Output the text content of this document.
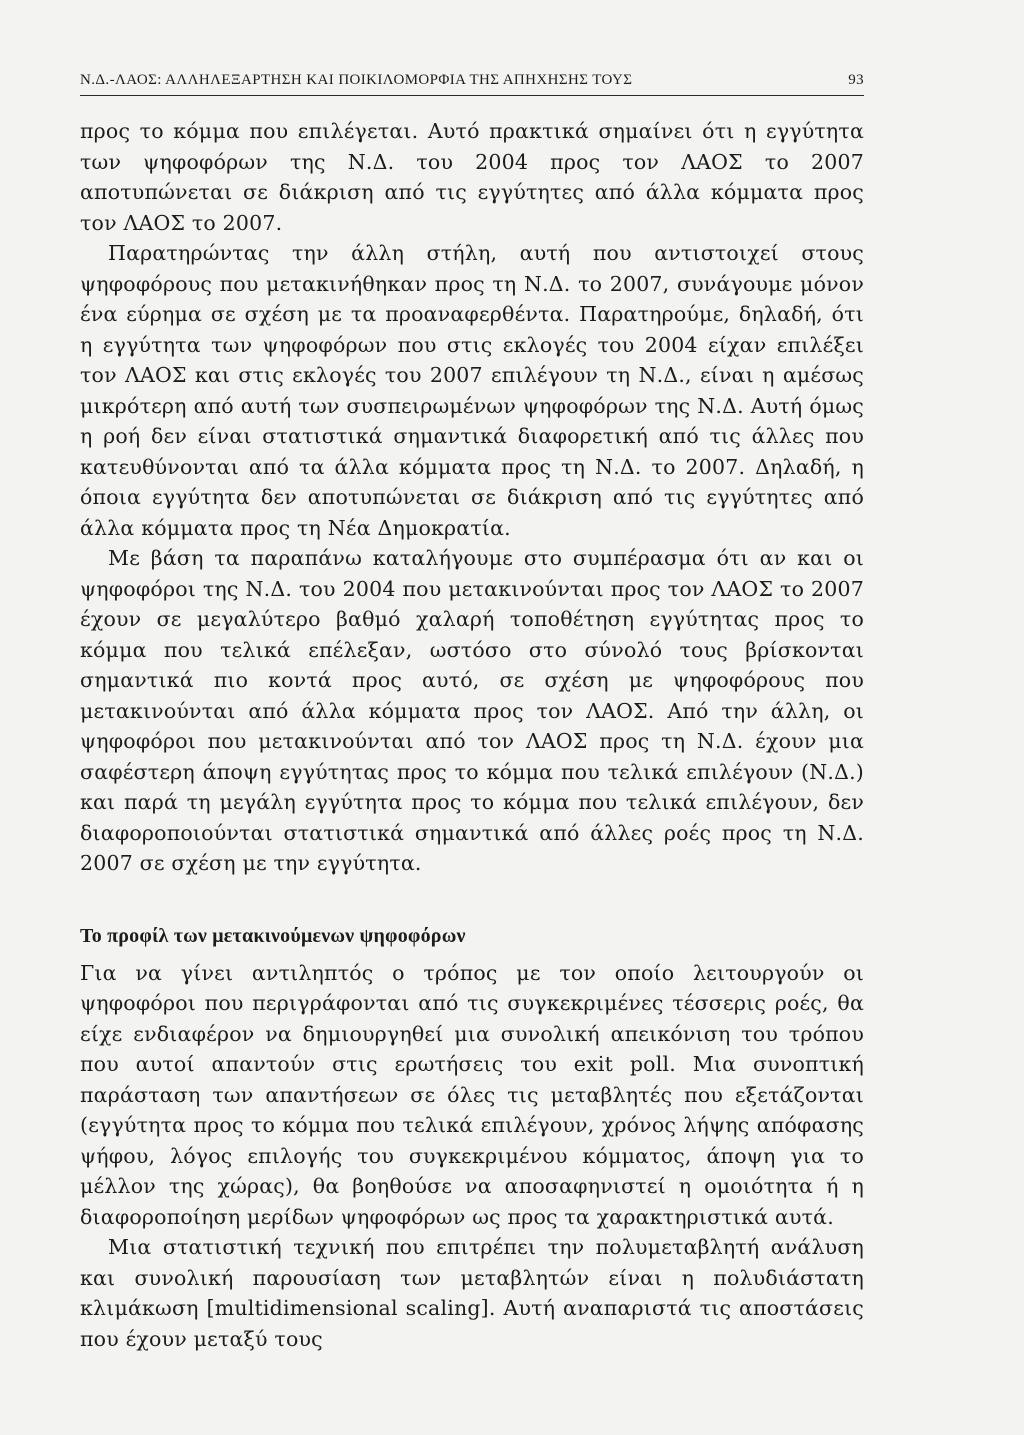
Ν.Δ.-ΛΑΟΣ: ΑΛΛΗΛΕΞΑΡΤΗΣΗ ΚΑΙ ΠΟΙΚΙΛΟΜΟΡΦΙΑ ΤΗΣ ΑΠΗΧΗΣΗΣ ΤΟΥΣ	93

προς το κόμμα που επιλέγεται. Αυτό πρακτικά σημαίνει ότι η εγγύτητα των ψηφοφόρων της Ν.Δ. του 2004 προς τον ΛΑΟΣ το 2007 αποτυπώνεται σε διάκριση από τις εγγύτητες από άλλα κόμματα προς τον ΛΑΟΣ το 2007.

Παρατηρώντας την άλλη στήλη, αυτή που αντιστοιχεί στους ψηφοφόρους που μετακινήθηκαν προς τη Ν.Δ. το 2007, συνάγουμε μόνον ένα εύρημα σε σχέση με τα προαναφερθέντα. Παρατηρούμε, δηλαδή, ότι η εγγύτητα των ψηφοφόρων που στις εκλογές του 2004 είχαν επιλέξει τον ΛΑΟΣ και στις εκλογές του 2007 επιλέγουν τη Ν.Δ., είναι η αμέσως μικρότερη από αυτή των συσπειρωμένων ψηφοφόρων της Ν.Δ. Αυτή όμως η ροή δεν είναι στατιστικά σημαντικά διαφορετική από τις άλλες που κατευθύνονται από τα άλλα κόμματα προς τη Ν.Δ. το 2007. Δηλαδή, η όποια εγγύτητα δεν αποτυπώνεται σε διάκριση από τις εγγύτητες από άλλα κόμματα προς τη Νέα Δημοκρατία.

Με βάση τα παραπάνω καταλήγουμε στο συμπέρασμα ότι αν και οι ψηφοφόροι της Ν.Δ. του 2004 που μετακινούνται προς τον ΛΑΟΣ το 2007 έχουν σε μεγαλύτερο βαθμό χαλαρή τοποθέτηση εγγύτητας προς το κόμμα που τελικά επέλεξαν, ωστόσο στο σύνολό τους βρίσκονται σημαντικά πιο κοντά προς αυτό, σε σχέση με ψηφοφόρους που μετακινούνται από άλλα κόμματα προς τον ΛΑΟΣ. Από την άλλη, οι ψηφοφόροι που μετακινούνται από τον ΛΑΟΣ προς τη Ν.Δ. έχουν μια σαφέστερη άποψη εγγύτητας προς το κόμμα που τελικά επιλέγουν (Ν.Δ.) και παρά τη μεγάλη εγγύτητα προς το κόμμα που τελικά επιλέγουν, δεν διαφοροποιούνται στατιστικά σημαντικά από άλλες ροές προς τη Ν.Δ. 2007 σε σχέση με την εγγύτητα.

Το προφίλ των μετακινούμενων ψηφοφόρων

Για να γίνει αντιληπτός ο τρόπος με τον οποίο λειτουργούν οι ψηφοφόροι που περιγράφονται από τις συγκεκριμένες τέσσερις ροές, θα είχε ενδιαφέρον να δημιουργηθεί μια συνολική απεικόνιση του τρόπου που αυτοί απαντούν στις ερωτήσεις του exit poll. Μια συνοπτική παράσταση των απαντήσεων σε όλες τις μεταβλητές που εξετάζονται (εγγύτητα προς το κόμμα που τελικά επιλέγουν, χρόνος λήψης απόφασης ψήφου, λόγος επιλογής του συγκεκριμένου κόμματος, άποψη για το μέλλον της χώρας), θα βοηθούσε να αποσαφηνιστεί η ομοιότητα ή η διαφοροποίηση μερίδων ψηφοφόρων ως προς τα χαρακτηριστικά αυτά.

Μια στατιστική τεχνική που επιτρέπει την πολυμεταβλητή ανάλυση και συνολική παρουσίαση των μεταβλητών είναι η πολυδιάστατη κλιμάκωση [multidimensional scaling]. Αυτή αναπαριστά τις αποστάσεις που έχουν μεταξύ τους
